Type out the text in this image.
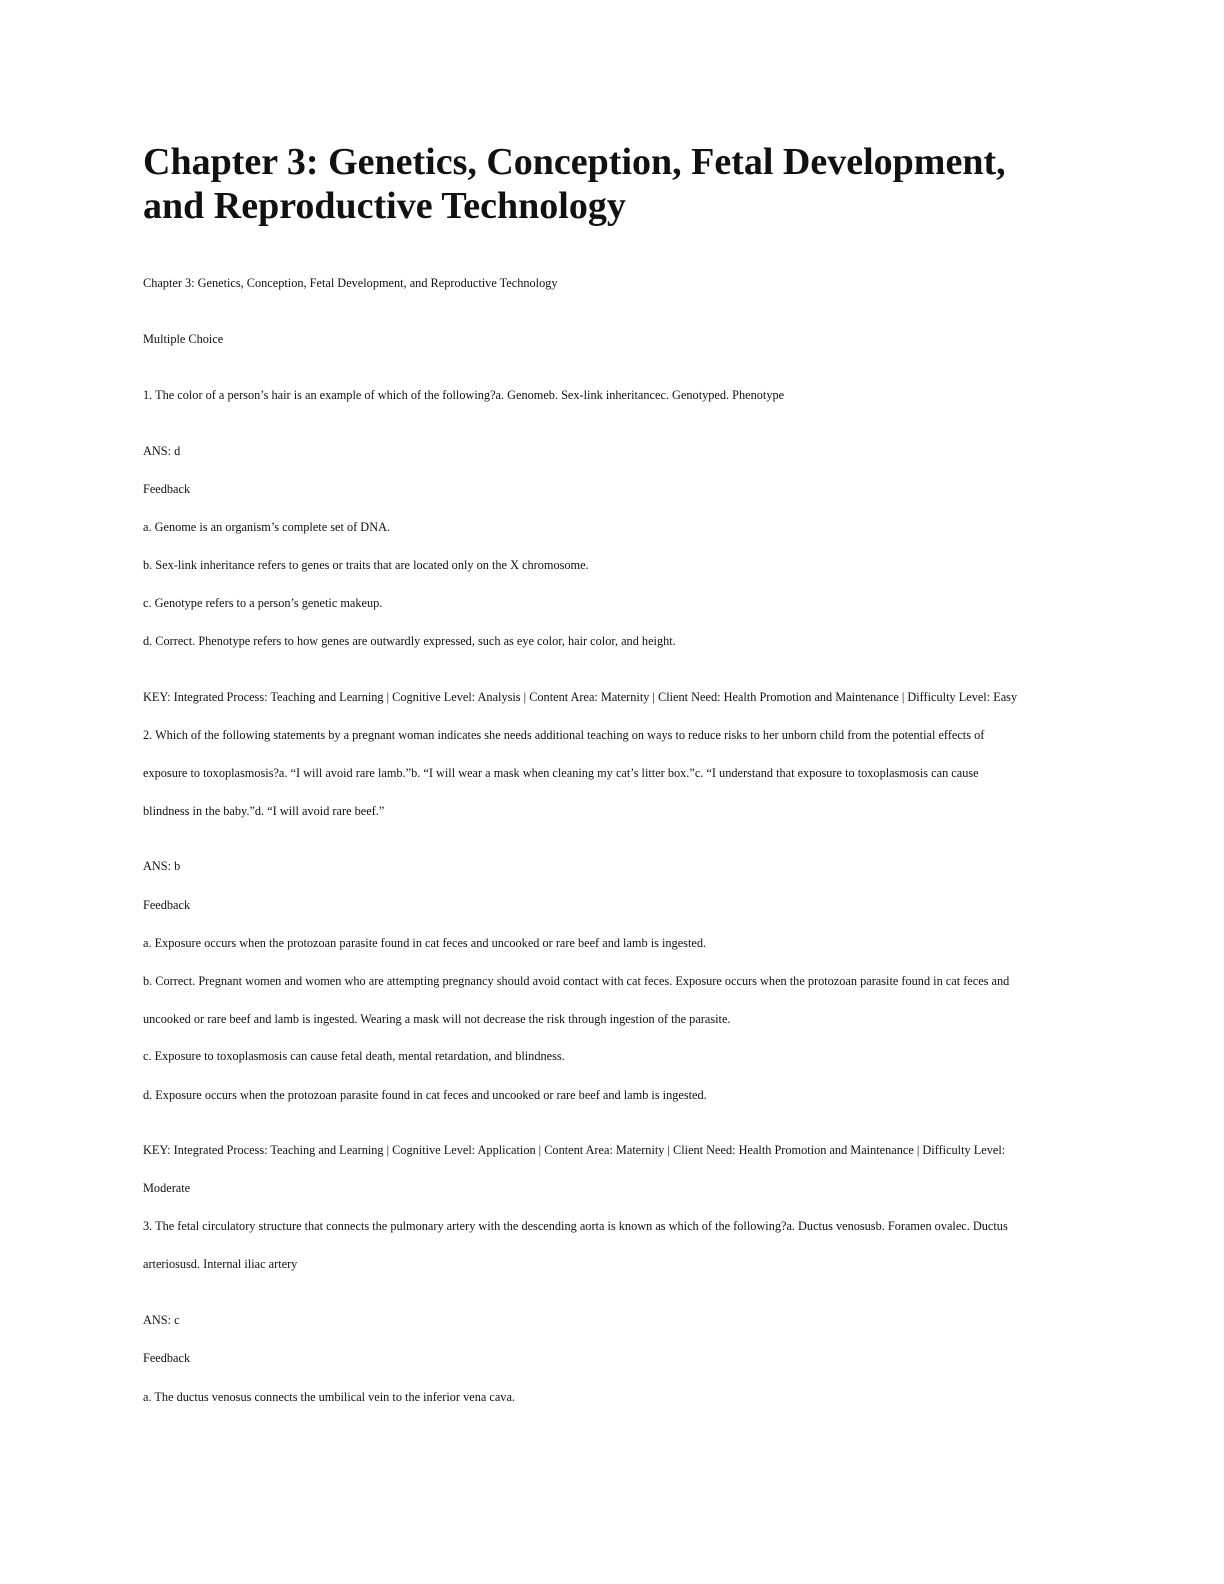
Chapter 3: Genetics, Conception, Fetal Development, and Reproductive Technology

Chapter 3: Genetics, Conception, Fetal Development, and Reproductive Technology

Multiple Choice

1. The color of a person’s hair is an example of which of the following?a. Genomeb. Sex-link inheritancec. Genotyped. Phenotype

ANS: d

Feedback

a. Genome is an organism’s complete set of DNA.

b. Sex-link inheritance refers to genes or traits that are located only on the X chromosome.

c. Genotype refers to a person’s genetic makeup.

d. Correct. Phenotype refers to how genes are outwardly expressed, such as eye color, hair color, and height.

KEY: Integrated Process: Teaching and Learning | Cognitive Level: Analysis | Content Area: Maternity | Client Need: Health Promotion and Maintenance | Difficulty Level: Easy

2. Which of the following statements by a pregnant woman indicates she needs additional teaching on ways to reduce risks to her unborn child from the potential effects of

exposure to toxoplasmosis?a. “I will avoid rare lamb.”b. “I will wear a mask when cleaning my cat’s litter box.”c. “I understand that exposure to toxoplasmosis can cause

blindness in the baby.”d. “I will avoid rare beef.”

ANS: b

Feedback

a. Exposure occurs when the protozoan parasite found in cat feces and uncooked or rare beef and lamb is ingested.

b. Correct. Pregnant women and women who are attempting pregnancy should avoid contact with cat feces. Exposure occurs when the protozoan parasite found in cat feces and

uncooked or rare beef and lamb is ingested. Wearing a mask will not decrease the risk through ingestion of the parasite.

c. Exposure to toxoplasmosis can cause fetal death, mental retardation, and blindness.

d. Exposure occurs when the protozoan parasite found in cat feces and uncooked or rare beef and lamb is ingested.

KEY: Integrated Process: Teaching and Learning | Cognitive Level: Application | Content Area: Maternity | Client Need: Health Promotion and Maintenance | Difficulty Level:

Moderate

3. The fetal circulatory structure that connects the pulmonary artery with the descending aorta is known as which of the following?a. Ductus venosusb. Foramen ovalec. Ductus

arteriosusd. Internal iliac artery

ANS: c

Feedback

a. The ductus venosus connects the umbilical vein to the inferior vena cava.
